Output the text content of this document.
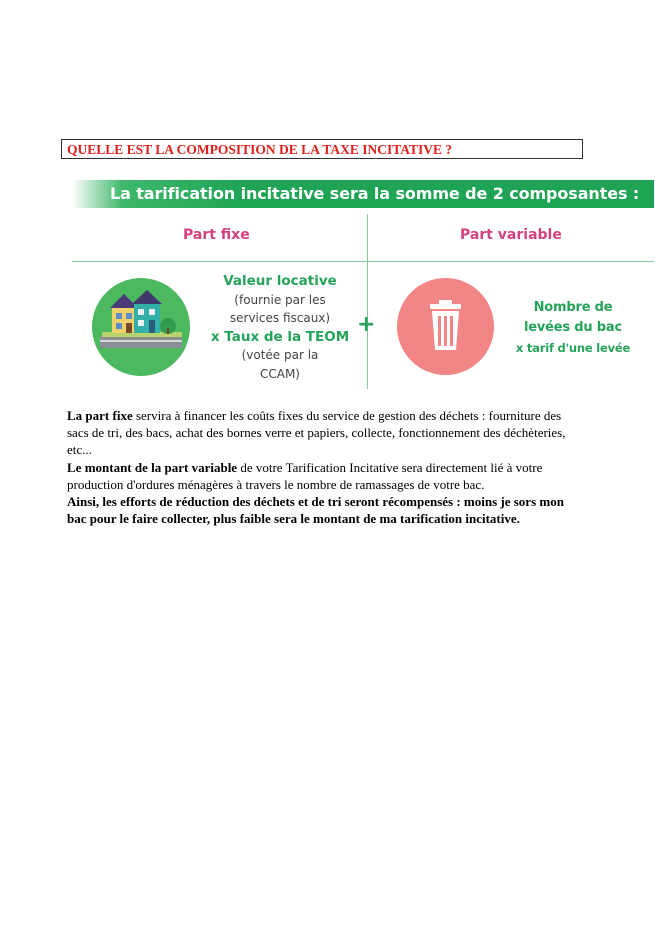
QUELLE EST LA COMPOSITION DE LA TAXE INCITATIVE ?
La tarification incitative sera la somme de 2 composantes :
Part fixe	Part variable
Valeur locative
(fournie par les
services fiscaux)
x Taux de la TEOM
(votée par la
CCAM)
+
Nombre de
levées du bac
x tarif d'une levée

La part fixe servira à financer les coûts fixes du service de gestion des déchets : fourniture des sacs de tri, des bacs, achat des bornes verre et papiers, collecte, fonctionnement des déchèteries, etc...

Le montant de la part variable de votre Tarification Incitative sera directement lié à votre production d'ordures ménagères à travers le nombre de ramassages de votre bac.

Ainsi, les efforts de réduction des déchets et de tri seront récompensés : moins je sors mon bac pour le faire collecter, plus faible sera le montant de ma tarification incitative.
